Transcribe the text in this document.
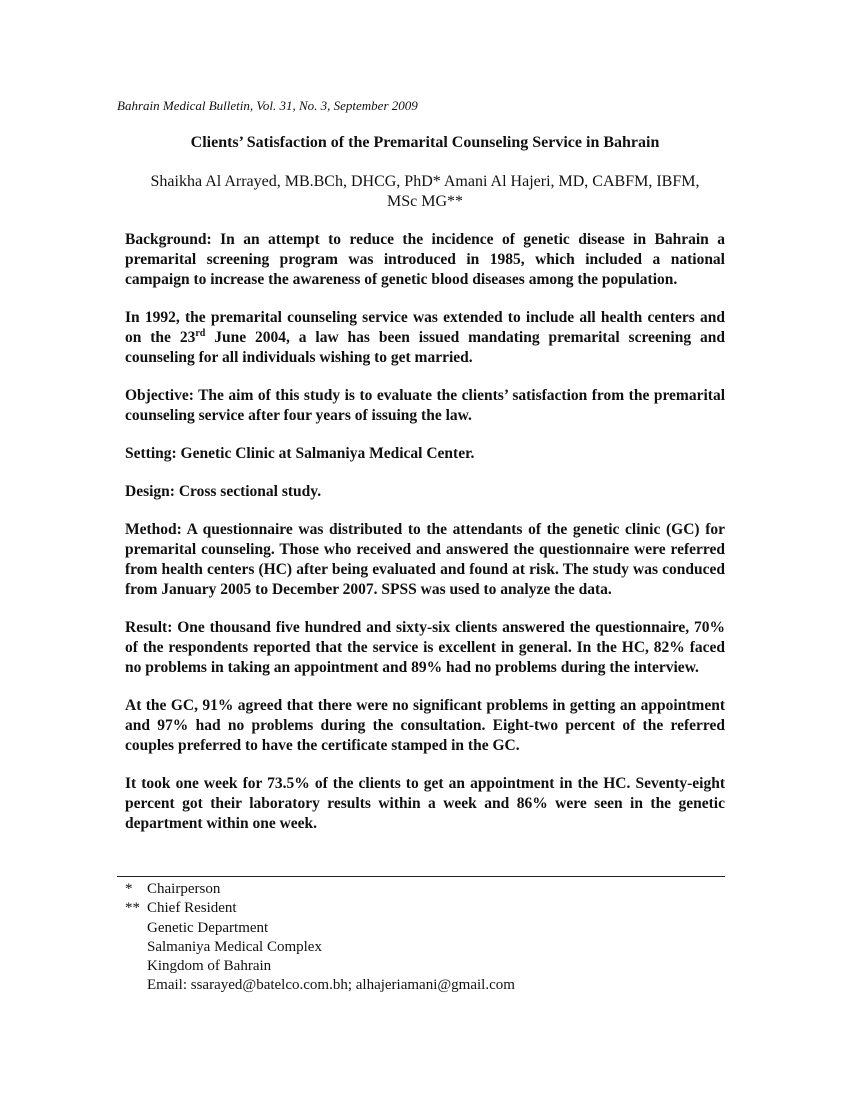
Bahrain Medical Bulletin, Vol. 31, No. 3, September 2009
Clients’ Satisfaction of the Premarital Counseling Service in Bahrain
Shaikha Al Arrayed, MB.BCh, DHCG, PhD* Amani Al Hajeri, MD, CABFM, IBFM,
MSc MG**

Background: In an attempt to reduce the incidence of genetic disease in Bahrain a premarital screening program was introduced in 1985, which included a national campaign to increase the awareness of genetic blood diseases among the population.

In 1992, the premarital counseling service was extended to include all health centers and on the 23rd June 2004, a law has been issued mandating premarital screening and counseling for all individuals wishing to get married.

Objective: The aim of this study is to evaluate the clients’ satisfaction from the premarital counseling service after four years of issuing the law.

Setting: Genetic Clinic at Salmaniya Medical Center.

Design: Cross sectional study.

Method: A questionnaire was distributed to the attendants of the genetic clinic (GC) for premarital counseling. Those who received and answered the questionnaire were referred from health centers (HC) after being evaluated and found at risk. The study was conduced from January 2005 to December 2007. SPSS was used to analyze the data.

Result: One thousand five hundred and sixty-six clients answered the questionnaire, 70% of the respondents reported that the service is excellent in general. In the HC, 82% faced no problems in taking an appointment and 89% had no problems during the interview.

At the GC, 91% agreed that there were no significant problems in getting an appointment and 97% had no problems during the consultation. Eight-two percent of the referred couples preferred to have the certificate stamped in the GC.

It took one week for 73.5% of the clients to get an appointment in the HC. Seventy-eight percent got their laboratory results within a week and 86% were seen in the genetic department within one week.

* Chairperson
** Chief Resident
Genetic Department
Salmaniya Medical Complex
Kingdom of Bahrain
Email: ssarayed@batelco.com.bh; alhajeriamani@gmail.com
